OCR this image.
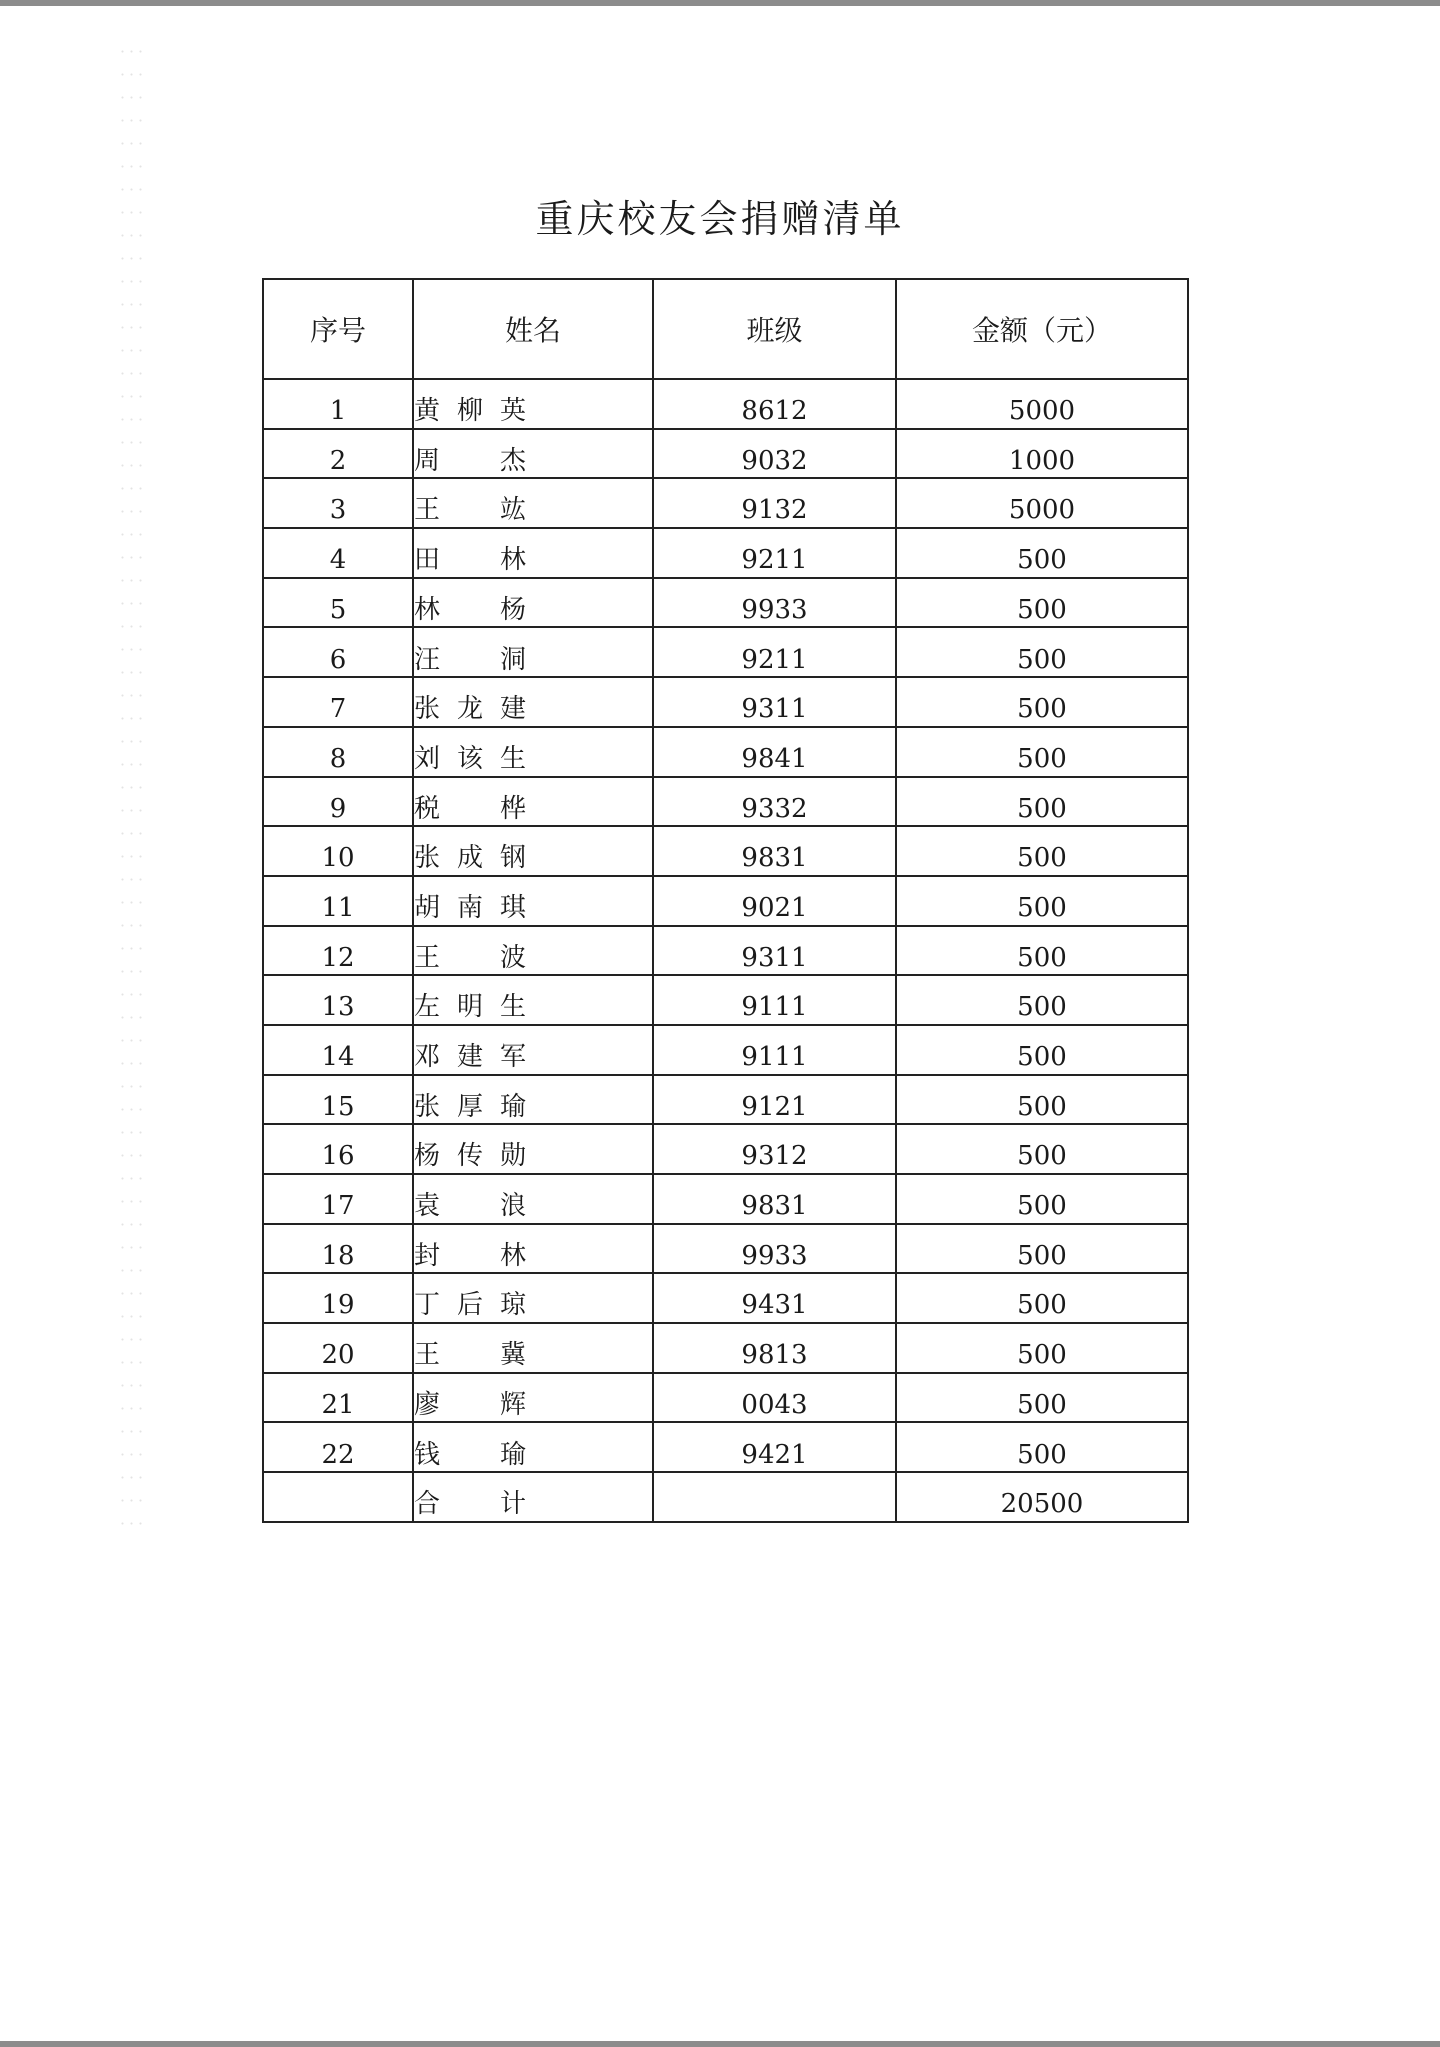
重庆校友会捐赠清单
序号	姓名	班级	金额（元）
1	黄柳英	8612	5000
2	周杰	9032	1000
3	王竑	9132	5000
4	田林	9211	500
5	林杨	9933	500
6	汪洞	9211	500
7	张龙建	9311	500
8	刘该生	9841	500
9	税桦	9332	500
10	张成钢	9831	500
11	胡南琪	9021	500
12	王波	9311	500
13	左明生	9111	500
14	邓建军	9111	500
15	张厚瑜	9121	500
16	杨传勋	9312	500
17	袁浪	9831	500
18	封林	9933	500
19	丁后琼	9431	500
20	王冀	9813	500
21	廖辉	0043	500
22	钱瑜	9421	500
	合计		20500
